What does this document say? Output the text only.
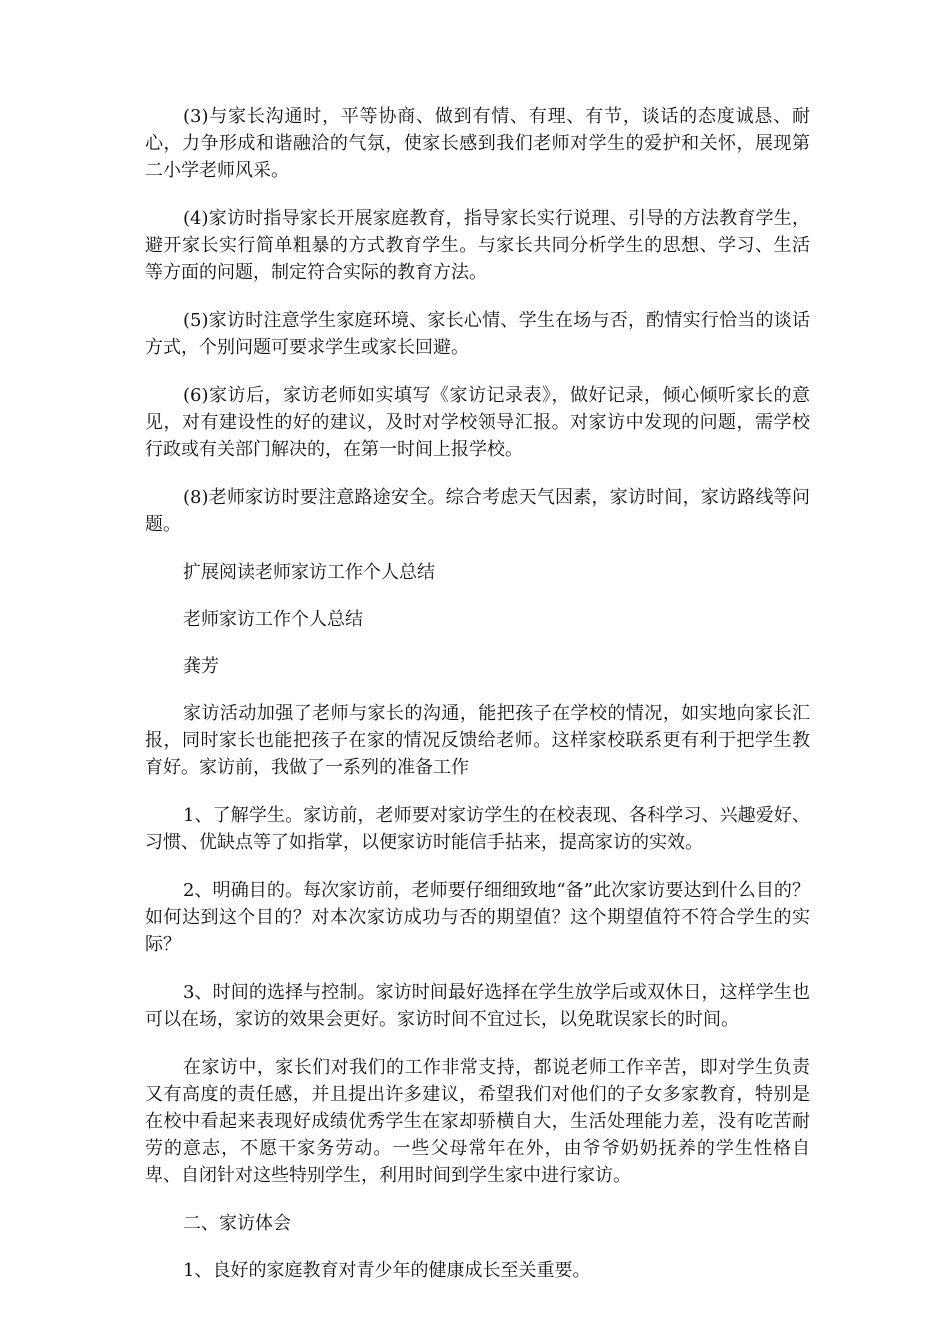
(3)与家长沟通时，平等协商、做到有情、有理、有节，谈话的态度诚恳、耐心，力争形成和谐融洽的气氛，使家长感到我们老师对学生的爱护和关怀，展现第二小学老师风采。

(4)家访时指导家长开展家庭教育，指导家长实行说理、引导的方法教育学生，避开家长实行简单粗暴的方式教育学生。与家长共同分析学生的思想、学习、生活等方面的问题，制定符合实际的教育方法。

(5)家访时注意学生家庭环境、家长心情、学生在场与否，酌情实行恰当的谈话方式，个别问题可要求学生或家长回避。

(6)家访后，家访老师如实填写《家访记录表》，做好记录，倾心倾听家长的意见，对有建设性的好的建议，及时对学校领导汇报。对家访中发现的问题，需学校行政或有关部门解决的，在第一时间上报学校。

(8)老师家访时要注意路途安全。综合考虑天气因素，家访时间，家访路线等问题。

扩展阅读老师家访工作个人总结

老师家访工作个人总结

龚芳

家访活动加强了老师与家长的沟通，能把孩子在学校的情况，如实地向家长汇报，同时家长也能把孩子在家的情况反馈给老师。这样家校联系更有利于把学生教育好。家访前，我做了一系列的准备工作

1、了解学生。家访前，老师要对家访学生的在校表现、各科学习、兴趣爱好、习惯、优缺点等了如指掌，以便家访时能信手拈来，提高家访的实效。

2、明确目的。每次家访前，老师要仔细细致地“备”此次家访要达到什么目的？如何达到这个目的？对本次家访成功与否的期望值？这个期望值符不符合学生的实际？

3、时间的选择与控制。家访时间最好选择在学生放学后或双休日，这样学生也可以在场，家访的效果会更好。家访时间不宜过长，以免耽误家长的时间。

在家访中，家长们对我们的工作非常支持，都说老师工作辛苦，即对学生负责又有高度的责任感，并且提出许多建议，希望我们对他们的子女多家教育，特别是在校中看起来表现好成绩优秀学生在家却骄横自大，生活处理能力差，没有吃苦耐劳的意志，不愿干家务劳动。一些父母常年在外，由爷爷奶奶抚养的学生性格自卑、自闭针对这些特别学生，利用时间到学生家中进行家访。

二、家访体会

1、良好的家庭教育对青少年的健康成长至关重要。
